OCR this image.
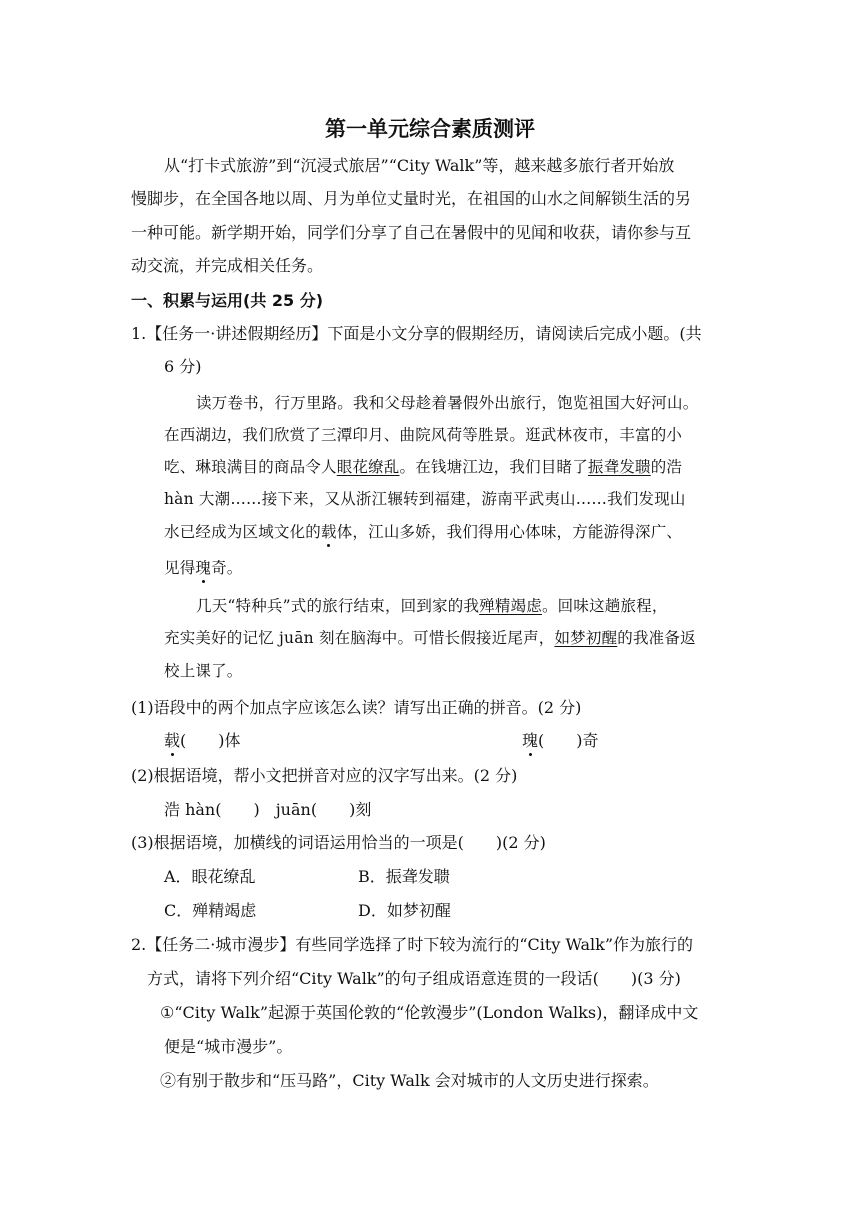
第一单元综合素质测评
从“打卡式旅游”到“沉浸式旅居”“City Walk”等，越来越多旅行者开始放
慢脚步，在全国各地以周、月为单位丈量时光，在祖国的山水之间解锁生活的另
一种可能。新学期开始，同学们分享了自己在暑假中的见闻和收获，请你参与互
动交流，并完成相关任务。
一、积累与运用(共 25 分)
1.【任务一·讲述假期经历】下面是小文分享的假期经历，请阅读后完成小题。(共
6 分)
读万卷书，行万里路。我和父母趁着暑假外出旅行，饱览祖国大好河山。
在西湖边，我们欣赏了三潭印月、曲院风荷等胜景。逛武林夜市，丰富的小
吃、琳琅满目的商品令人眼花缭乱。在钱塘江边，我们目睹了振聋发聩的浩
hàn 大潮……接下来，又从浙江辗转到福建，游南平武夷山……我们发现山
水已经成为区域文化的载体，江山多娇，我们得用心体味，方能游得深广、
见得瑰奇。
几天“特种兵”式的旅行结束，回到家的我殚精竭虑。回味这趟旅程，
充实美好的记忆 juān 刻在脑海中。可惜长假接近尾声，如梦初醒的我准备返
校上课了。
(1)语段中的两个加点字应该怎么读？请写出正确的拼音。(2 分)
载(　　)体	瑰(　　)奇
(2)根据语境，帮小文把拼音对应的汉字写出来。(2 分)
浩 hàn(　　)　juān(　　)刻
(3)根据语境，加横线的词语运用恰当的一项是(　　)(2 分)
A．眼花缭乱	B．振聋发聩
C．殚精竭虑	D．如梦初醒
2.【任务二·城市漫步】有些同学选择了时下较为流行的“City Walk”作为旅行的
方式，请将下列介绍“City Walk”的句子组成语意连贯的一段话(　　)(3 分)
①“City Walk”起源于英国伦敦的“伦敦漫步”(London Walks)，翻译成中文
便是“城市漫步”。
②有别于散步和“压马路”，City Walk 会对城市的人文历史进行探索。
